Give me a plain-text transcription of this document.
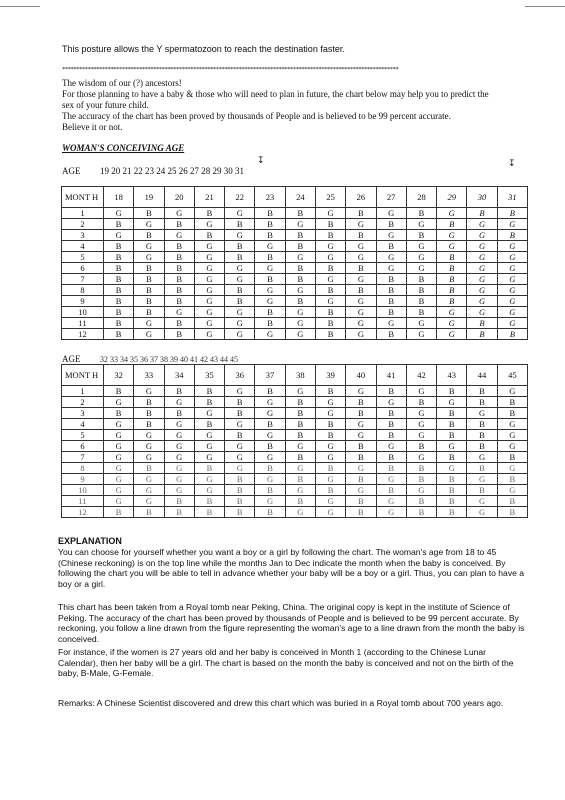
This posture allows the Y spermatozoon to reach the destination faster.
**********************************************************************************************************************
The wisdom of our (?) ancestors!
For those planning to have a baby & those who will need to plan in future, the chart below may help you to predict the
sex of your future child.
The accuracy of the chart has been proved by thousands of People and is believed to be 99 percent accurate.
Believe it or not.
WOMAN'S CONCEIVING AGE
AGE 19 20 21 22 23 24 25 26 27 28 29 30 31
↧	↧
MONT H	18	19	20	21	22	23	24	25	26	27	28	29	30	31
1	G	B	G	B	G	B	B	G	B	G	B	G	B	B
2	B	G	B	G	B	B	G	B	G	B	G	B	G	G
3	G	B	G	B	G	B	B	B	B	G	B	G	G	B
4	B	G	B	G	B	G	B	G	G	B	G	G	G	G
5	B	G	B	G	B	B	G	G	G	G	G	B	G	G
6	B	B	B	G	G	G	B	B	B	G	G	B	G	G
7	B	B	B	G	G	B	B	G	G	B	B	B	G	G
8	B	B	B	G	B	G	G	B	B	B	B	B	G	G
9	B	B	B	G	B	G	B	G	G	B	B	B	G	G
10	B	B	G	G	G	B	G	B	G	B	B	G	G	G
11	B	G	B	G	G	B	G	B	G	G	G	G	B	G
12	B	G	B	G	G	G	G	B	G	B	G	G	B	B
AGE 32 33 34 35 36 37 38 39 40 41 42 43 44 45
MONT H	32	33	34	35	36	37	38	39	40	41	42	43	44	45
1	B	G	B	B	G	B	G	B	G	B	G	B	B	G
2	G	B	G	B	B	G	B	G	B	G	B	G	B	B
3	B	B	B	G	B	G	B	G	B	B	G	B	G	B
4	G	B	G	B	G	B	B	B	G	B	G	B	B	G
5	G	G	G	G	B	G	B	B	G	B	G	B	B	G
6	G	G	G	G	G	B	G	G	B	G	B	G	B	G
7	G	G	G	G	G	G	B	G	B	B	G	B	G	B
8	G	B	G	B	G	B	G	B	G	B	B	G	B	G
9	G	G	G	G	B	G	B	G	B	G	B	B	G	B
10	G	G	G	G	B	B	G	B	G	B	G	B	B	G
11	G	G	B	B	B	G	B	G	B	G	B	B	G	B
12	B	B	B	B	B	B	G	G	B	G	B	B	G	B
EXPLANATION
You can choose for yourself whether you want a boy or a girl by following the chart. The woman's age from 18 to 45 (Chinese reckoning) is on the top line while the months Jan to Dec indicate the month when the baby is conceived. By following the chart you will be able to tell in advance whether your baby will be a boy or a girl. Thus, you can plan to have a boy or a girl.
This chart has been taken from a Royal tomb near Peking, China. The original copy is kept in the institute of Science of Peking. The accuracy of the chart has been proved by thousands of People and is believed to be 99 percent accurate. By reckoning, you follow a line drawn from the figure representing the woman's age to a line drawn from the month the baby is conceived.
For instance, if the women is 27 years old and her baby is conceived in Month 1 (according to the Chinese Lunar Calendar), then her baby will be a girl. The chart is based on the month the baby is conceived and not on the birth of the baby, B-Male, G-Female.
Remarks: A Chinese Scientist discovered and drew this chart which was buried in a Royal tomb about 700 years ago.
